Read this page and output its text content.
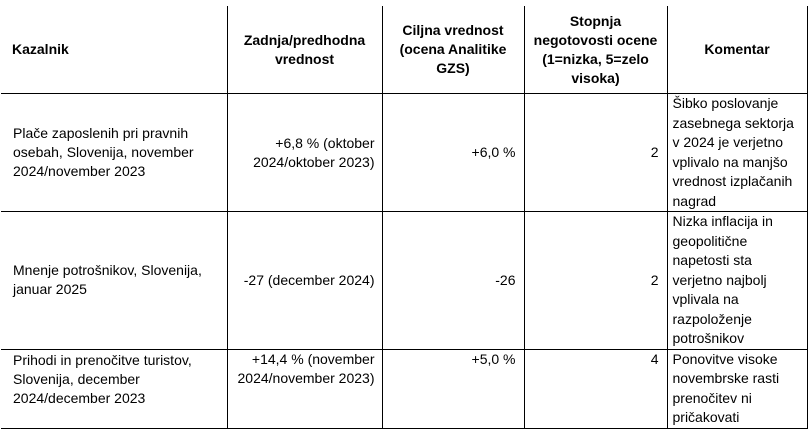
Kazalnik	Zadnja/predhodna vrednost	Ciljna vrednost (ocena Analitike GZS)	Stopnja negotovosti ocene (1=nizka, 5=zelo visoka)	Komentar
Plače zaposlenih pri pravnih osebah, Slovenija, november 2024/november 2023	+6,8 % (oktober 2024/oktober 2023)	+6,0 %	2	Šibko poslovanje zasebnega sektorja v 2024 je verjetno vplivalo na manjšo vrednost izplačanih nagrad
Mnenje potrošnikov, Slovenija, januar 2025	-27 (december 2024)	-26	2	Nizka inflacija in geopolitične napetosti sta verjetno najbolj vplivala na razpoloženje potrošnikov
Prihodi in prenočitve turistov, Slovenija, december 2024/december 2023	+14,4 % (november 2024/november 2023)	+5,0 %	4	Ponovitve visoke novembrske rasti prenočitev ni pričakovati
